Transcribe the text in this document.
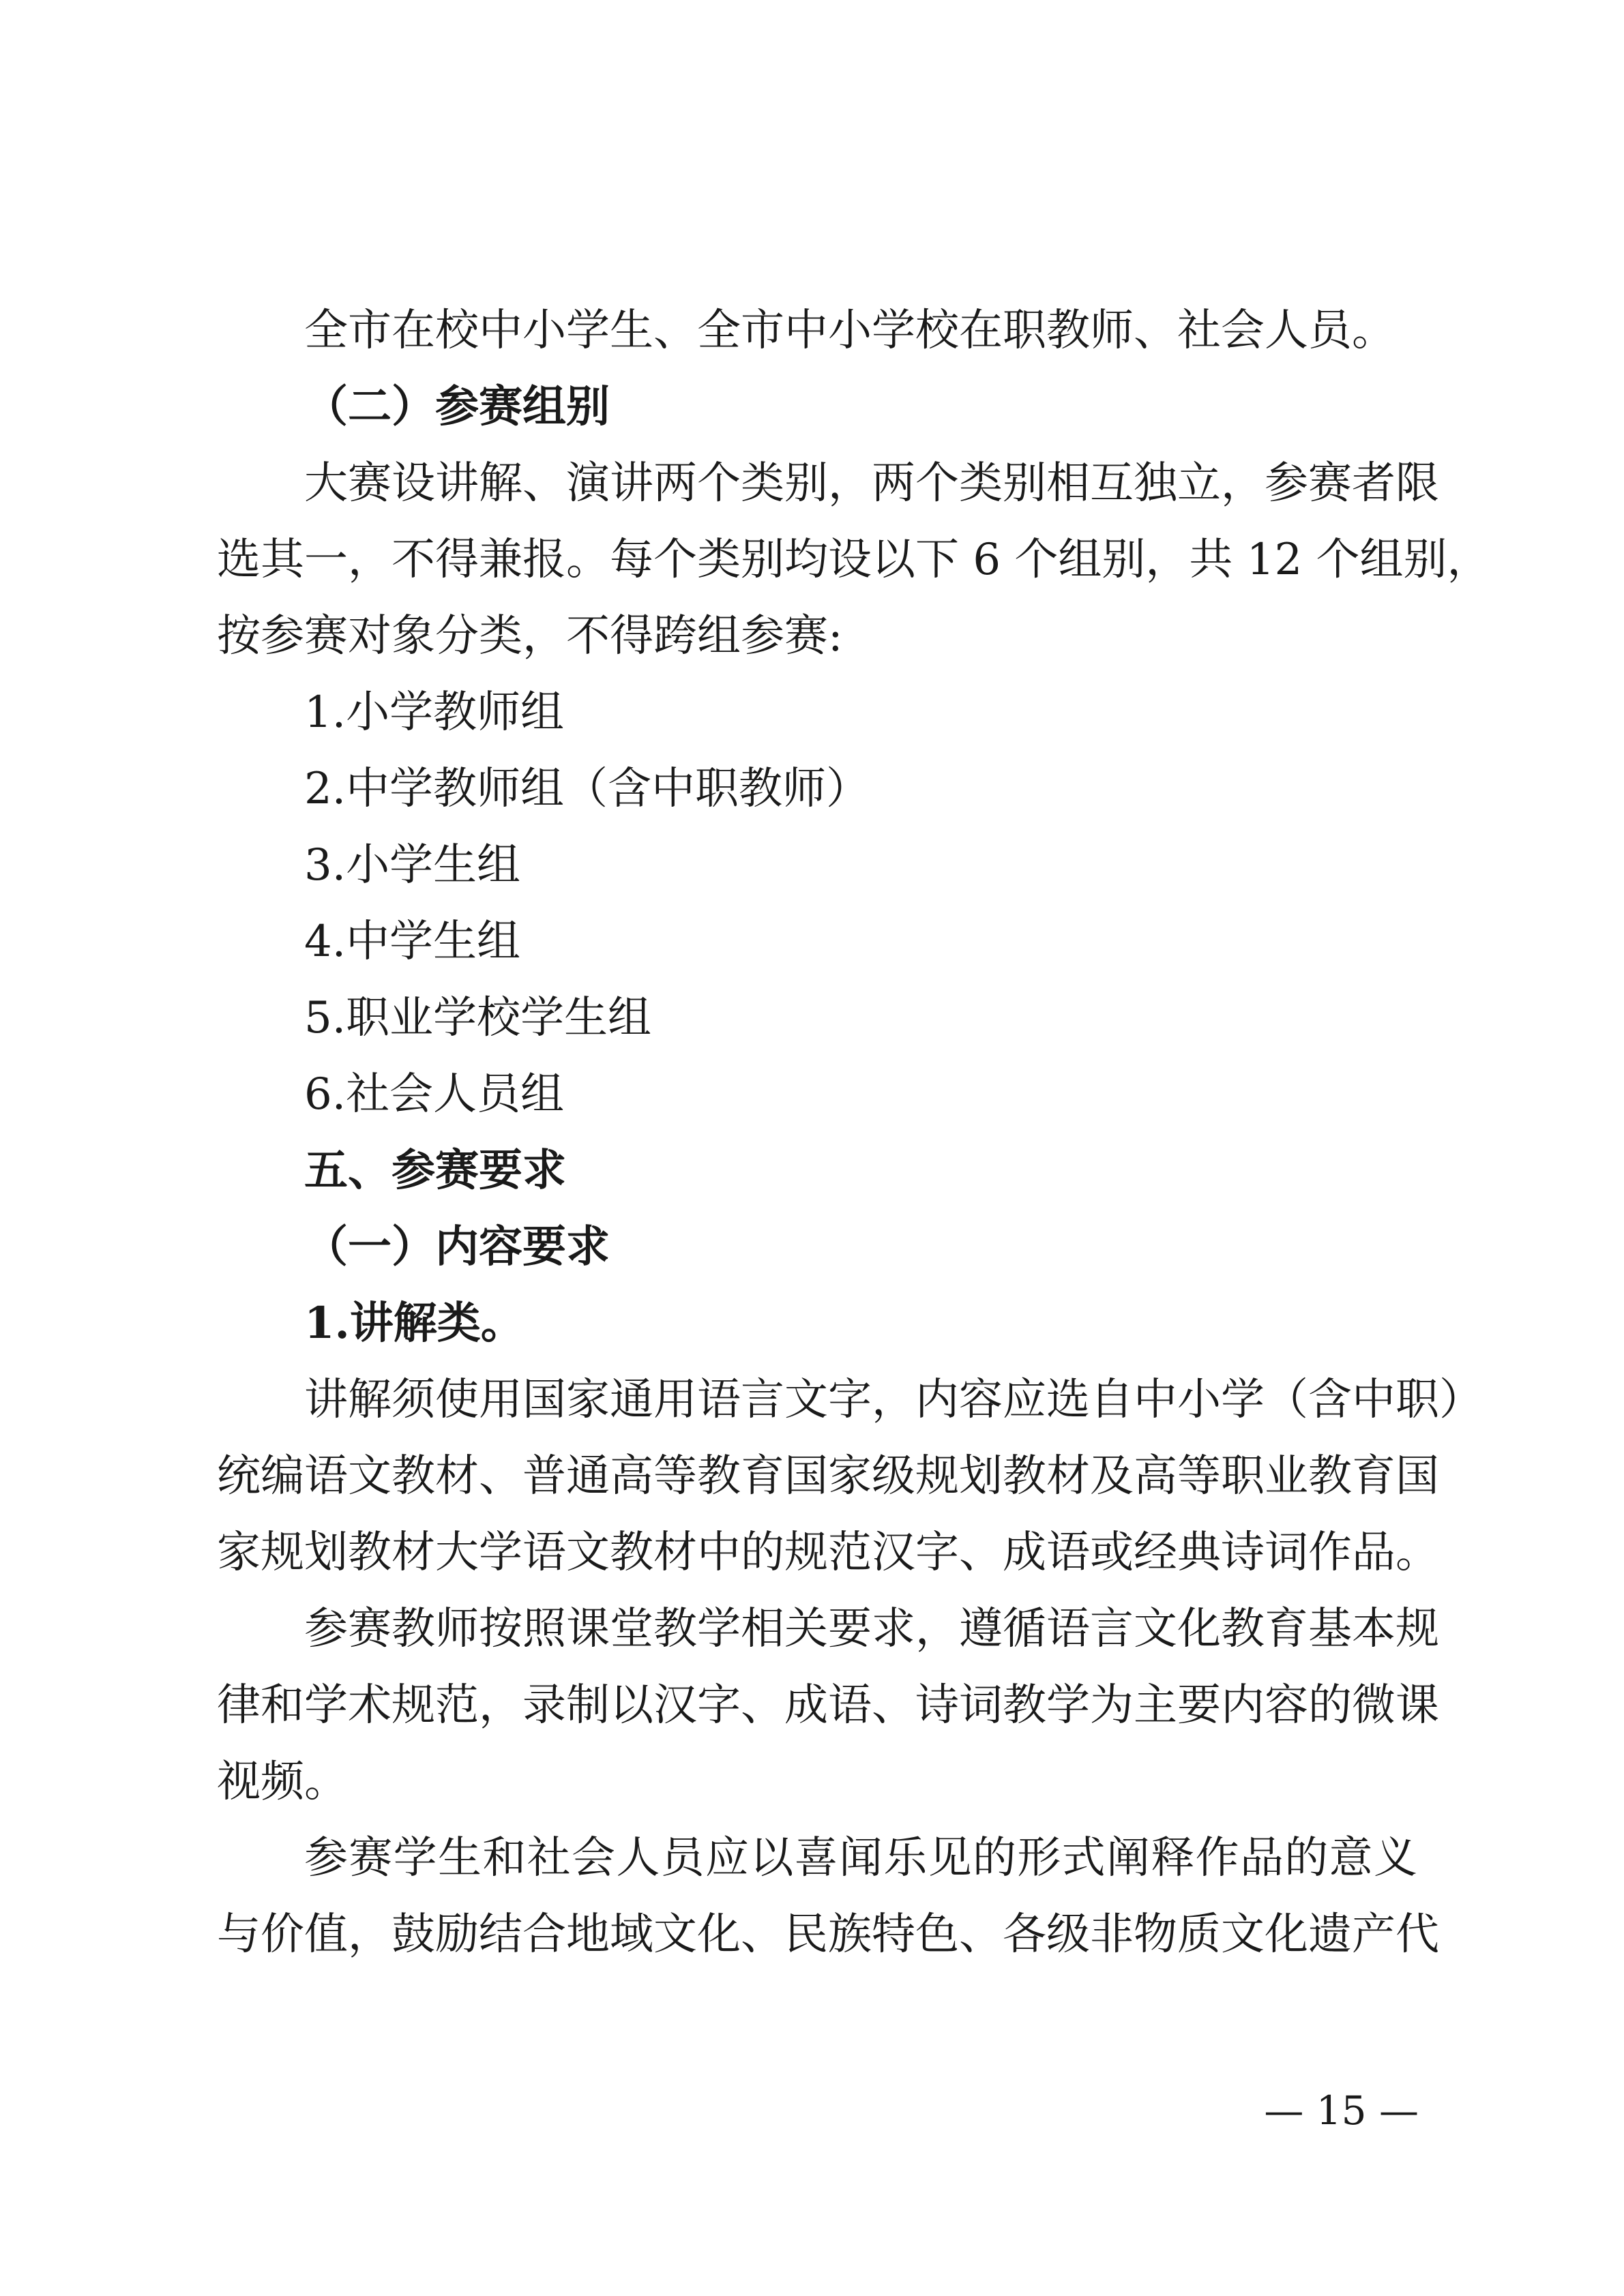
全市在校中小学生、全市中小学校在职教师、社会人员。
（二）参赛组别
大赛设讲解、演讲两个类别，两个类别相互独立，参赛者限
选其一，不得兼报。每个类别均设以下 6 个组别，共 12 个组别，
按参赛对象分类，不得跨组参赛:
1.小学教师组
2.中学教师组（含中职教师）
3.小学生组
4.中学生组
5.职业学校学生组
6.社会人员组
五、参赛要求
（一）内容要求
1.讲解类。
讲解须使用国家通用语言文字，内容应选自中小学（含中职）
统编语文教材、普通高等教育国家级规划教材及高等职业教育国
家规划教材大学语文教材中的规范汉字、成语或经典诗词作品。
参赛教师按照课堂教学相关要求，遵循语言文化教育基本规
律和学术规范，录制以汉字、成语、诗词教学为主要内容的微课
视频。
参赛学生和社会人员应以喜闻乐见的形式阐释作品的意义
与价值，鼓励结合地域文化、民族特色、各级非物质文化遗产代
— 15 —
